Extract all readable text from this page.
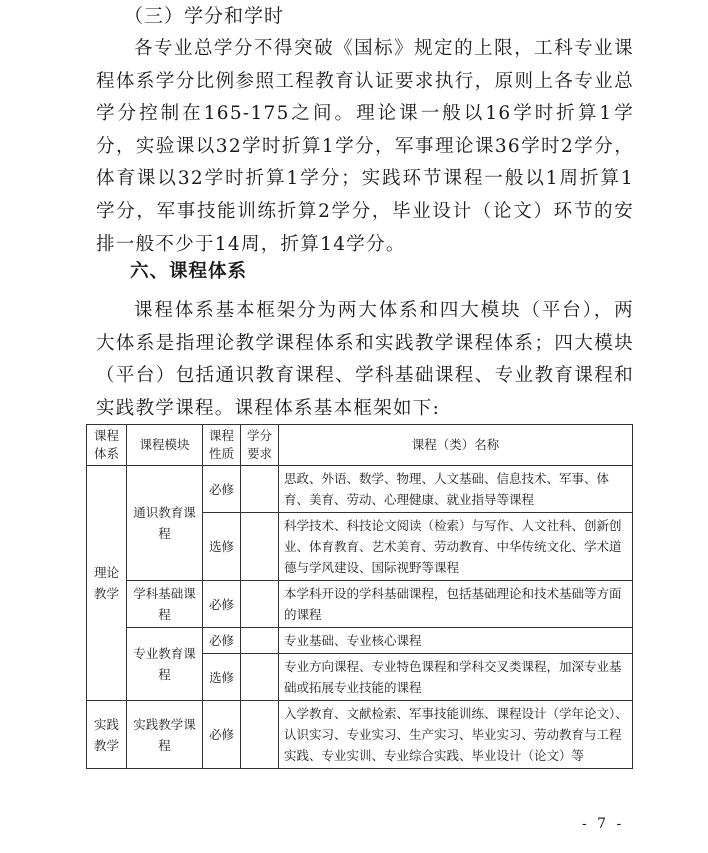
（三）学分和学时
各专业总学分不得突破《国标》规定的上限，工科专业课程体系学分比例参照工程教育认证要求执行，原则上各专业总学分控制在165-175之间。理论课一般以16学时折算1学分，实验课以32学时折算1学分，军事理论课36学时2学分，体育课以32学时折算1学分；实践环节课程一般以1周折算1学分，军事技能训练折算2学分，毕业设计（论文）环节的安排一般不少于14周，折算14学分。
六、课程体系
课程体系基本框架分为两大体系和四大模块（平台），两大体系是指理论教学课程体系和实践教学课程体系；四大模块（平台）包括通识教育课程、学科基础课程、专业教育课程和实践教学课程。课程体系基本框架如下:
课程体系	课程模块	课程性质	学分要求	课程（类）名称
理论教学	通识教育课程	必修		思政、外语、数学、物理、人文基础、信息技术、军事、体育、美育、劳动、心理健康、就业指导等课程
		选修		科学技术、科技论文阅读（检索）与写作、人文社科、创新创业、体育教育、艺术美育、劳动教育、中华传统文化、学术道德与学风建设、国际视野等课程
	学科基础课程	必修		本学科开设的学科基础课程，包括基础理论和技术基础等方面的课程
	专业教育课程	必修		专业基础、专业核心课程
		选修		专业方向课程、专业特色课程和学科交叉类课程，加深专业基础或拓展专业技能的课程
实践教学	实践教学课程	必修		入学教育、文献检索、军事技能训练、课程设计（学年论文）、认识实习、专业实习、生产实习、毕业实习、劳动教育与工程实践、专业实训、专业综合实践、毕业设计（论文）等
- 7 -
